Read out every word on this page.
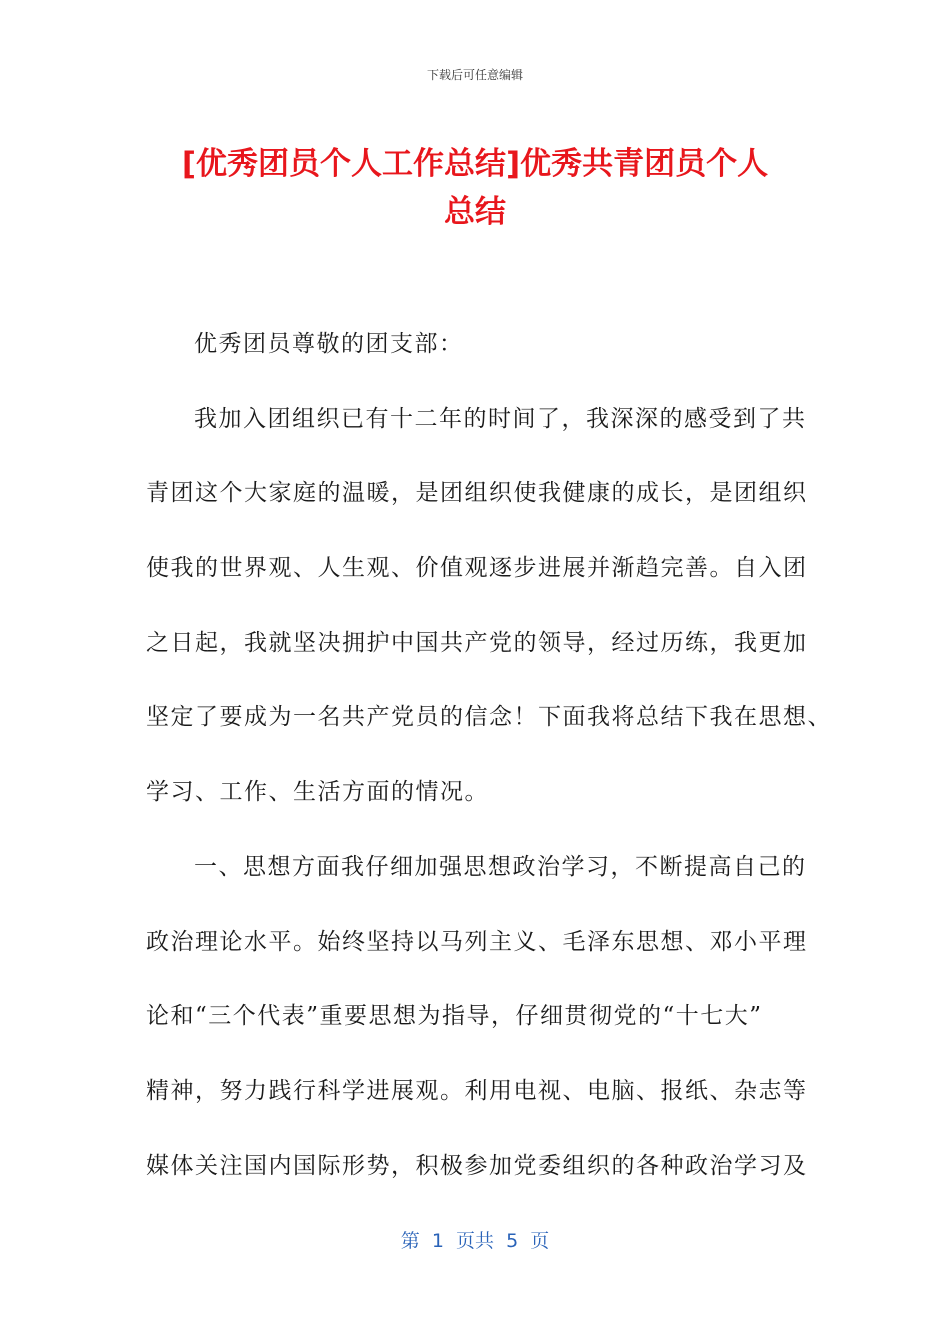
下载后可任意编辑
[优秀团员个人工作总结]优秀共青团员个人
总结
优秀团员尊敬的团支部：
我加入团组织已有十二年的时间了，我深深的感受到了共
青团这个大家庭的温暖，是团组织使我健康的成长，是团组织
使我的世界观、人生观、价值观逐步进展并渐趋完善。自入团
之日起，我就坚决拥护中国共产党的领导，经过历练，我更加
坚定了要成为一名共产党员的信念！下面我将总结下我在思想、
学习、工作、生活方面的情况。
一、思想方面我仔细加强思想政治学习，不断提高自己的
政治理论水平。始终坚持以马列主义、毛泽东思想、邓小平理
论和“三个代表”重要思想为指导，仔细贯彻党的“十七大”
精神，努力践行科学进展观。利用电视、电脑、报纸、杂志等
媒体关注国内国际形势，积极参加党委组织的各种政治学习及
第  1  页共  5  页
